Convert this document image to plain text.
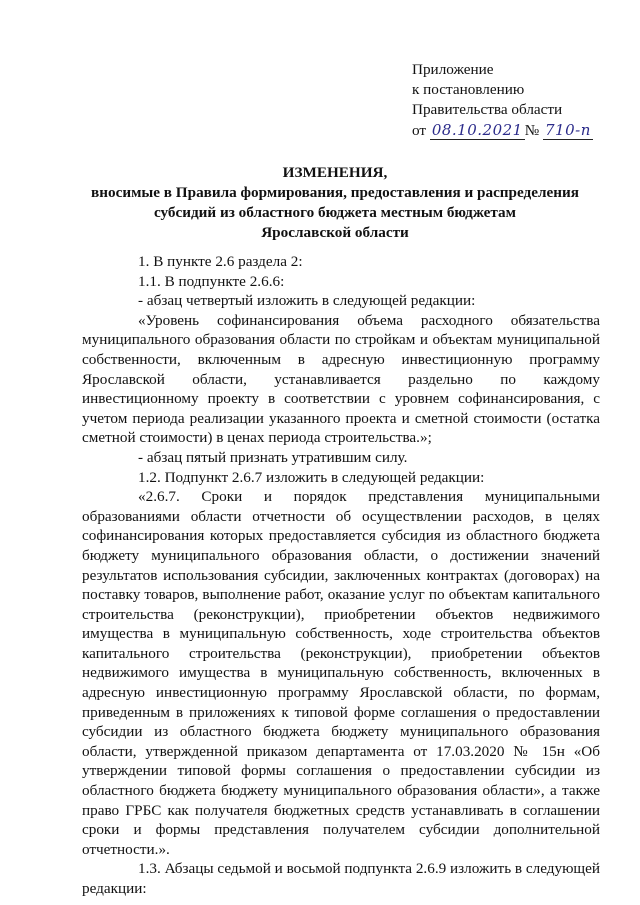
Приложение
к постановлению
Правительства области
от 08.10.2021 № 710-п
ИЗМЕНЕНИЯ,
вносимые в Правила формирования, предоставления и распределения
субсидий из областного бюджета местным бюджетам
Ярославской области

1. В пункте 2.6 раздела 2:

1.1. В подпункте 2.6.6:

- абзац четвертый изложить в следующей редакции:

«Уровень софинансирования объема расходного обязательства муниципального образования области по стройкам и объектам муниципальной собственности, включенным в адресную инвестиционную программу Ярославской области, устанавливается раздельно по каждому инвестиционному проекту в соответствии с уровнем софинансирования, с учетом периода реализации указанного проекта и сметной стоимости (остатка сметной стоимости) в ценах периода строительства.»;

- абзац пятый признать утратившим силу.

1.2. Подпункт 2.6.7 изложить в следующей редакции:

«2.6.7. Сроки и порядок представления муниципальными образованиями области отчетности об осуществлении расходов, в целях софинансирования которых предоставляется субсидия из областного бюджета бюджету муниципального образования области, о достижении значений результатов использования субсидии, заключенных контрактах (договорах) на поставку товаров, выполнение работ, оказание услуг по объектам капитального строительства (реконструкции), приобретении объектов недвижимого имущества в муниципальную собственность, ходе строительства объектов капитального строительства (реконструкции), приобретении объектов недвижимого имущества в муниципальную собственность, включенных в адресную инвестиционную программу Ярославской области, по формам, приведенным в приложениях к типовой форме соглашения о предоставлении субсидии из областного бюджета бюджету муниципального образования области, утвержденной приказом департамента от 17.03.2020 № 15н «Об утверждении типовой формы соглашения о предоставлении субсидии из областного бюджета бюджету муниципального образования области», а также право ГРБС как получателя бюджетных средств устанавливать в соглашении сроки и формы представления получателем субсидии дополнительной отчетности.».

1.3. Абзацы седьмой и восьмой подпункта 2.6.9 изложить в следующей редакции:
